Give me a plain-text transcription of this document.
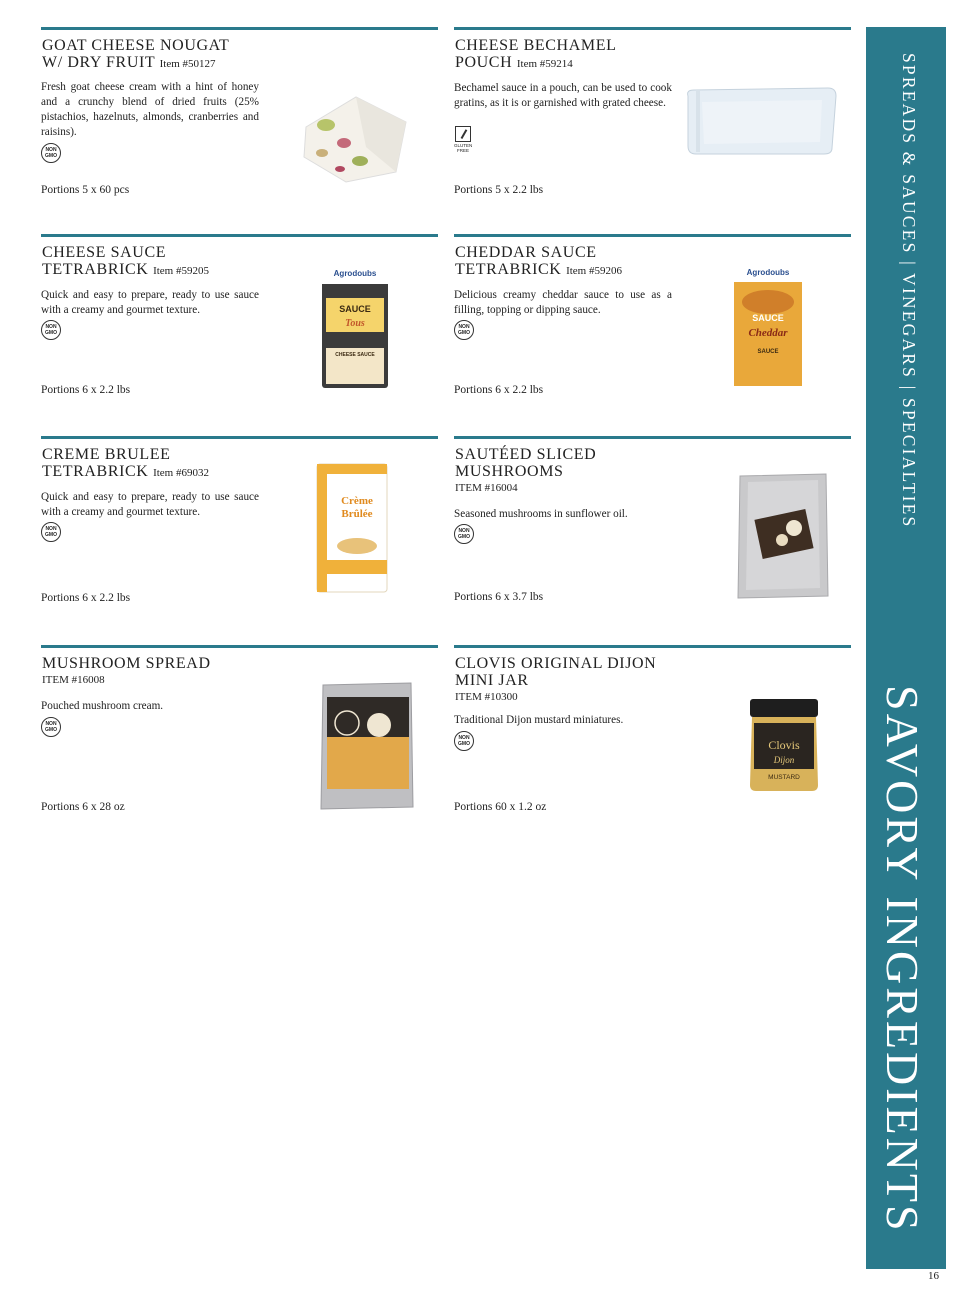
GOAT CHEESE NOUGAT
W/ DRY FRUIT Item #50127
Fresh goat cheese cream with a hint of honey and a crunchy blend of dried fruits (25% pistachios, hazelnuts, almonds, cranberries and raisins).
NON GMO
Portions 5 x 60 pcs
CHEESE BECHAMEL
POUCH Item #59214
Bechamel sauce in a pouch, can be used to cook gratins, as it is or garnished with grated cheese.
GLUTEN FREE
Portions 5 x 2.2 lbs
CHEESE SAUCE
TETRABRICK Item #59205
Quick and easy to prepare, ready to use sauce with a creamy and gourmet texture.
NON GMO
Portions 6 x 2.2 lbs
Agrodoubs
SAUCE
Tous
CHEESE SAUCE
CHEDDAR SAUCE
TETRABRICK Item #59206
Delicious creamy cheddar sauce to use as a filling, topping or dipping sauce.
NON GMO
Portions 6 x 2.2 lbs
Agrodoubs
SAUCE
Cheddar
SAUCE
CREME BRULEE
TETRABRICK Item #69032
Quick and easy to prepare, ready to use sauce with a creamy and gourmet texture.
NON GMO
Portions 6 x 2.2 lbs
Crème
Brûlée
SAUTÉED SLICED
MUSHROOMS
ITEM #16004
Seasoned mushrooms in sunflower oil.
NON GMO
Portions 6 x 3.7 lbs
MUSHROOM SPREAD
ITEM #16008
Pouched mushroom cream.
NON GMO
Portions 6 x 28 oz
CLOVIS ORIGINAL DIJON
MINI JAR
ITEM #10300
Traditional Dijon mustard miniatures.
NON GMO
Portions 60 x 1.2 oz
Clovis
Dijon
MUSTARD
SPREADS & SAUCES | VINEGARS | SPECIALTIES
SAVORY INGREDIENTS
16
